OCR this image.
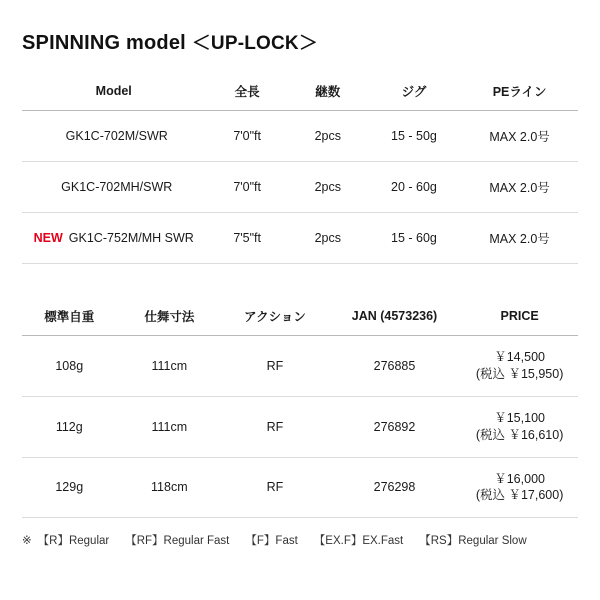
SPINNING model ＜UP-LOCK＞
Model	全長	継数	ジグ	PEライン
GK1C-702M/SWR	7'0"ft	2pcs	15 - 50g	MAX 2.0号
GK1C-702MH/SWR	7'0"ft	2pcs	20 - 60g	MAX 2.0号
NEW GK1C-752M/MH SWR	7'5"ft	2pcs	15 - 60g	MAX 2.0号
標準自重	仕舞寸法	アクション	JAN (4573236)	PRICE
108g	111cm	RF	276885	￥14,500
(税込 ￥15,950)

112g	111cm	RF	276892	￥15,100
(税込 ￥16,610)

129g	118cm	RF	276298	￥16,000
(税込 ￥17,600)
※ 【R】Regular 【RF】Regular Fast 【F】Fast 【EX.F】EX.Fast 【RS】Regular Slow
